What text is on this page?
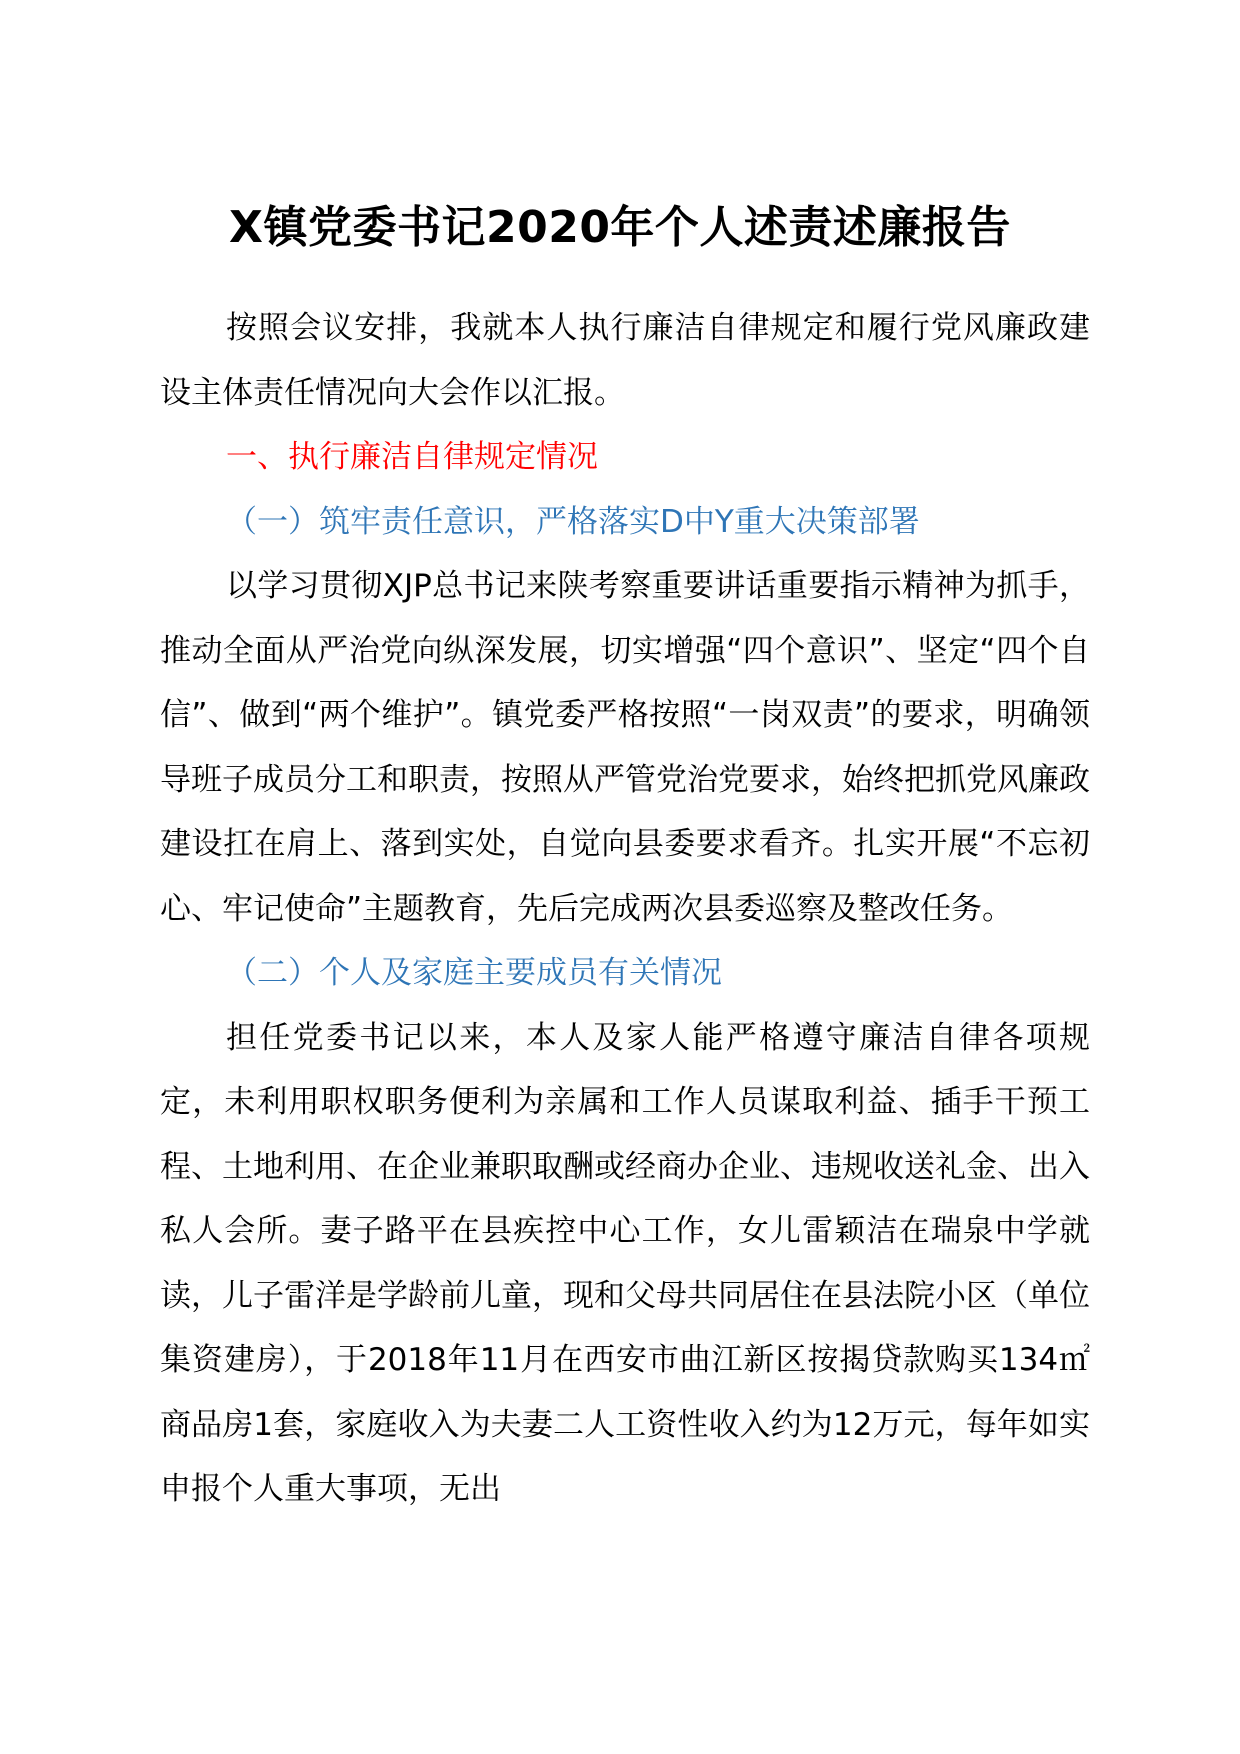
X镇党委书记2020年个人述责述廉报告

按照会议安排，我就本人执行廉洁自律规定和履行党风廉政建设主体责任情况向大会作以汇报。

一、执行廉洁自律规定情况

（一）筑牢责任意识，严格落实D中Y重大决策部署

以学习贯彻XJP总书记来陕考察重要讲话重要指示精神为抓手，推动全面从严治党向纵深发展，切实增强“四个意识”、坚定“四个自信”、做到“两个维护”。镇党委严格按照“一岗双责”的要求，明确领导班子成员分工和职责，按照从严管党治党要求，始终把抓党风廉政建设扛在肩上、落到实处，自觉向县委要求看齐。扎实开展“不忘初心、牢记使命”主题教育，先后完成两次县委巡察及整改任务。

（二）个人及家庭主要成员有关情况

担任党委书记以来，本人及家人能严格遵守廉洁自律各项规定，未利用职权职务便利为亲属和工作人员谋取利益、插手干预工程、土地利用、在企业兼职取酬或经商办企业、违规收送礼金、出入私人会所。妻子路平在县疾控中心工作，女儿雷颖洁在瑞泉中学就读，儿子雷洋是学龄前儿童，现和父母共同居住在县法院小区（单位集资建房），于2018年11月在西安市曲江新区按揭贷款购买134㎡商品房1套，家庭收入为夫妻二人工资性收入约为12万元，每年如实申报个人重大事项，无出
